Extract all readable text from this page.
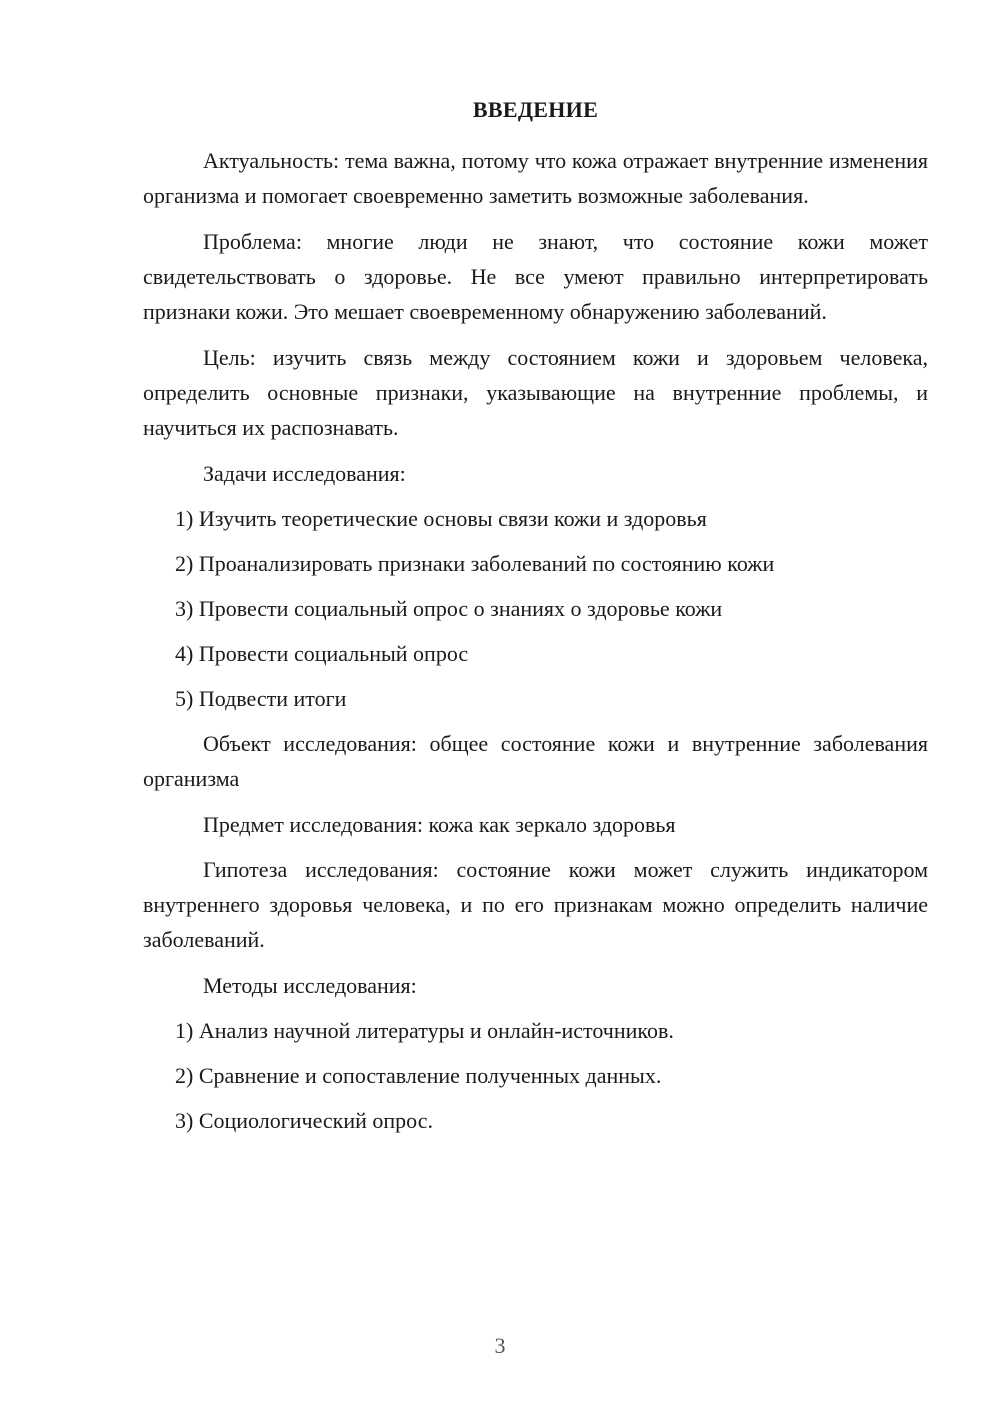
ВВЕДЕНИЕ

Актуальность: тема важна, потому что кожа отражает внутренние изменения организма и помогает своевременно заметить возможные заболевания.

Проблема: многие люди не знают, что состояние кожи может свидетельствовать о здоровье. Не все умеют правильно интерпретировать признаки кожи. Это мешает своевременному обнаружению заболеваний.

Цель: изучить связь между состоянием кожи и здоровьем человека, определить основные признаки, указывающие на внутренние проблемы, и научиться их распознавать.

Задачи исследования:

1) Изучить теоретические основы связи кожи и здоровья
2) Проанализировать признаки заболеваний по состоянию кожи
3) Провести социальный опрос о знаниях о здоровье кожи
4) Провести социальный опрос
5) Подвести итоги

Объект исследования: общее состояние кожи и внутренние заболевания организма

Предмет исследования: кожа как зеркало здоровья

Гипотеза исследования: состояние кожи может служить индикатором внутреннего здоровья человека, и по его признакам можно определить наличие заболеваний.

Методы исследования:

1) Анализ научной литературы и онлайн-источников.
2) Сравнение и сопоставление полученных данных.
3) Социологический опрос.
3
